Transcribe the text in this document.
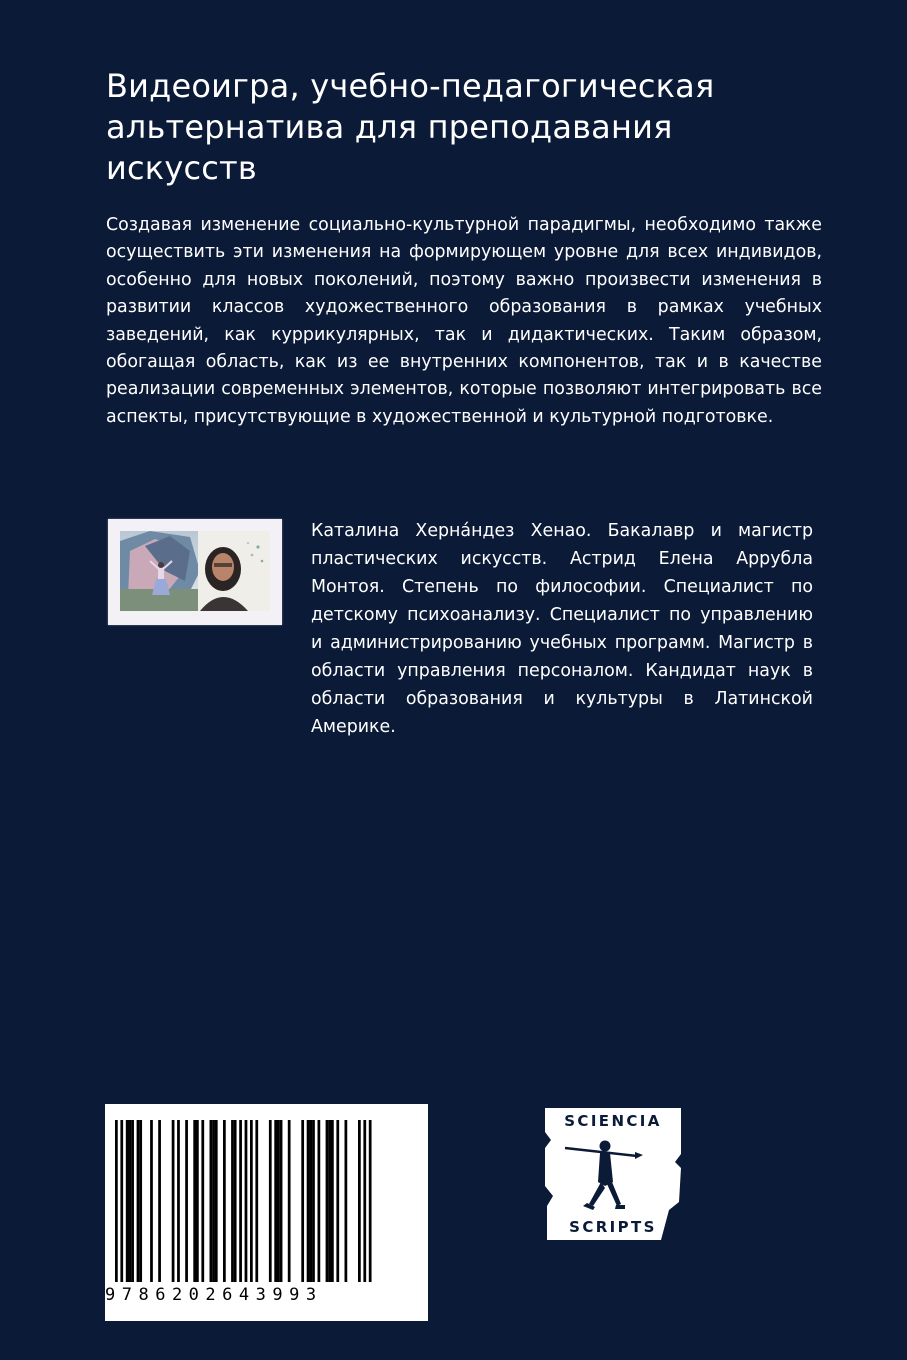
Видеоигра, учебно-педагогическая альтернатива для преподавания искусств

Создавая изменение социально-культурной парадигмы, необходимо также осуществить эти изменения на формирующем уровне для всех индивидов, особенно для новых поколений, поэтому важно произвести изменения в развитии классов художественного образования в рамках учебных заведений, как куррикулярных, так и дидактических. Таким образом, обогащая область, как из ее внутренних компонентов, так и в качестве реализации современных элементов, которые позволяют интегрировать все аспекты, присутствующие в художественной и культурной подготовке.

Каталина Херна́ндез Хенао. Бакалавр и магистр пластических искусств. Астрид Елена Аррубла Монтоя. Степень по философии. Специалист по детскому психоанализу. Специалист по управлению и администрированию учебных программ. Магистр в области управления персоналом. Кандидат наук в области образования и культуры в Латинской Америке.

9786202643993
SCIENCIA
SCRIPTS
